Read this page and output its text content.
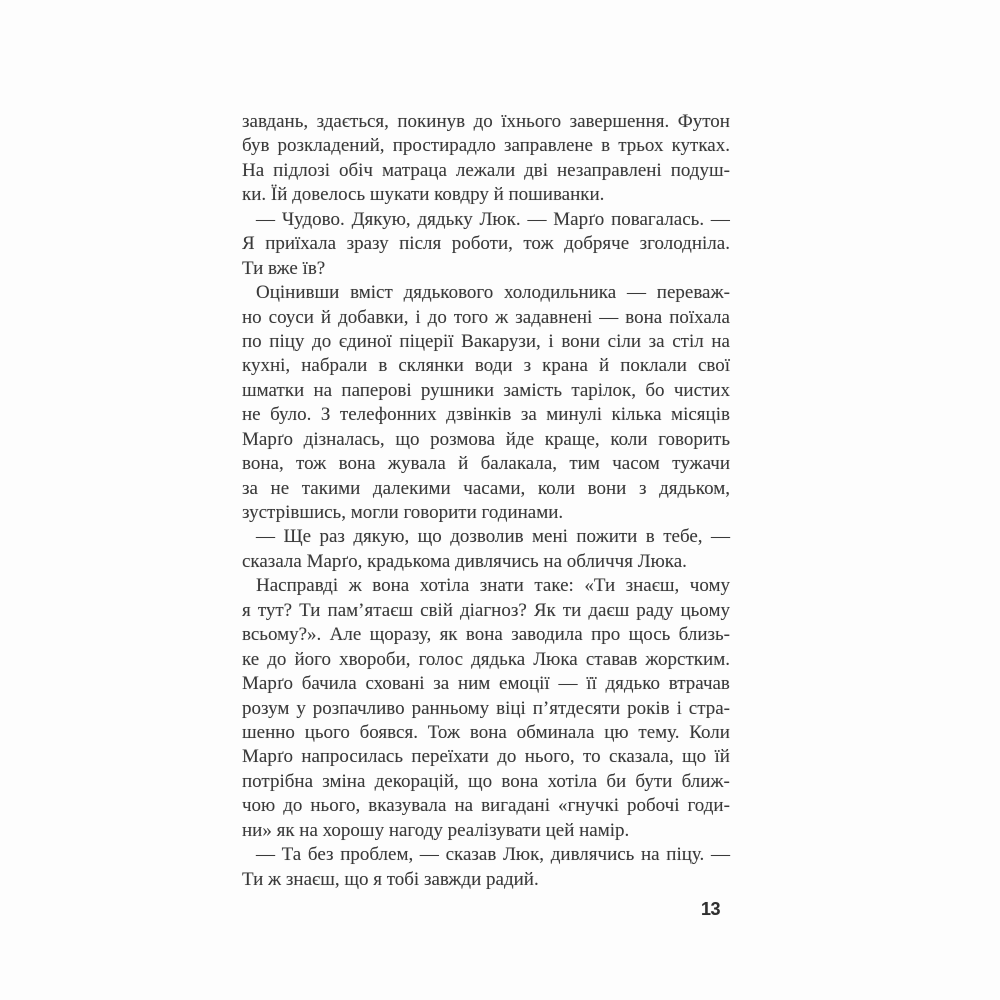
завдань, здається, покинув до їхнього завершення. Футон
був розкладений, простирадло заправлене в трьох кутках.
На підлозі обіч матраца лежали дві незаправлені подуш-
ки. Їй довелось шукати ковдру й пошиванки.
— Чудово. Дякую, дядьку Люк. — Марґо повагалась. —
Я приїхала зразу після роботи, тож добряче зголодніла.
Ти вже їв?
Оцінивши вміст дядькового холодильника — переваж-
но соуси й добавки, і до того ж задавнені — вона поїхала
по піцу до єдиної піцерії Вакарузи, і вони сіли за стіл на
кухні, набрали в склянки води з крана й поклали свої
шматки на паперові рушники замість тарілок, бо чистих
не було. З телефонних дзвінків за минулі кілька місяців
Марґо дізналась, що розмова йде краще, коли говорить
вона, тож вона жувала й балакала, тим часом тужачи
за не такими далекими часами, коли вони з дядьком,
зустрівшись, могли говорити годинами.
— Ще раз дякую, що дозволив мені пожити в тебе, —
сказала Марґо, крадькома дивлячись на обличчя Люка.
Насправді ж вона хотіла знати таке: «Ти знаєш, чому
я тут? Ти пам’ятаєш свій діагноз? Як ти даєш раду цьому
всьому?». Але щоразу, як вона заводила про щось близь-
ке до його хвороби, голос дядька Люка ставав жорстким.
Марґо бачила сховані за ним емоції — її дядько втрачав
розум у розпачливо ранньому віці п’ятдесяти років і стра-
шенно цього боявся. Тож вона обминала цю тему. Коли
Марґо напросилась переїхати до нього, то сказала, що їй
потрібна зміна декорацій, що вона хотіла би бути ближ-
чою до нього, вказувала на вигадані «гнучкі робочі годи-
ни» як на хорошу нагоду реалізувати цей намір.
— Та без проблем, — сказав Люк, дивлячись на піцу. —
Ти ж знаєш, що я тобі завжди радий.
13
